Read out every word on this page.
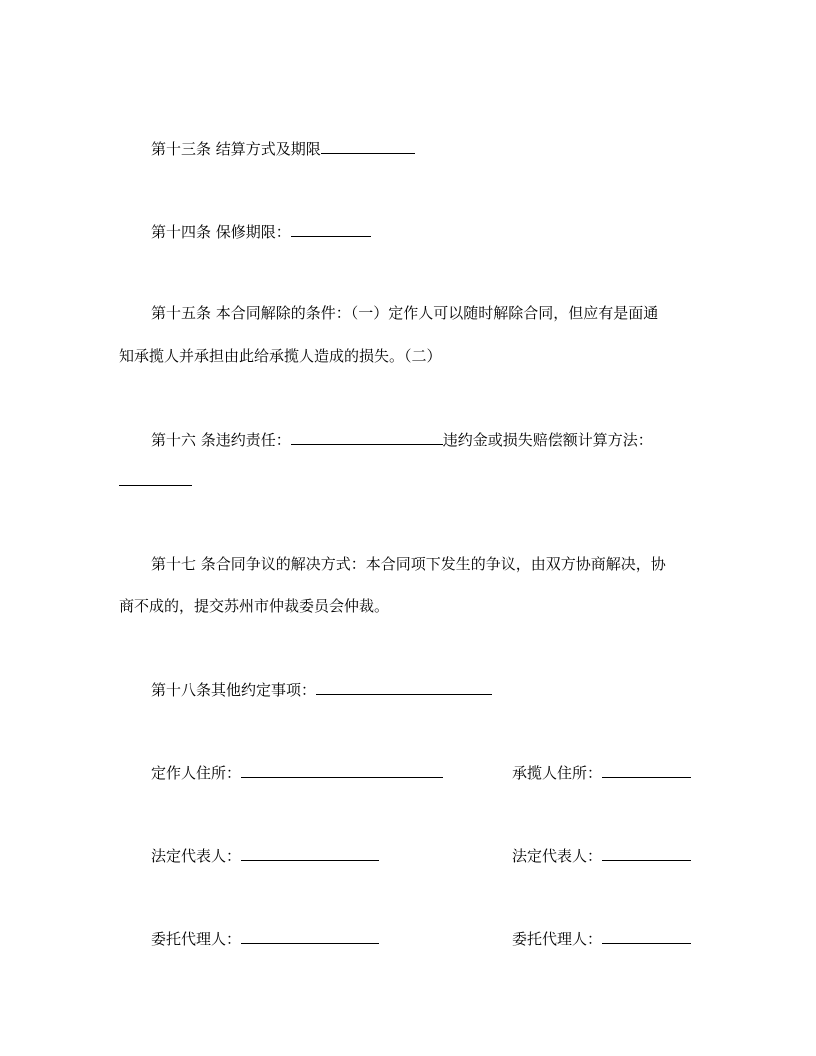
第十三条 结算方式及期限
第十四条 保修期限：
第十五条 本合同解除的条件：（一）定作人可以随时解除合同，但应有是面通
知承揽人并承担由此给承揽人造成的损失。（二）
第十六 条违约责任：	违约金或损失赔偿额计算方法：
第十七 条合同争议的解决方式：本合同项下发生的争议，由双方协商解决，协
商不成的，提交苏州市仲裁委员会仲裁。
第十八条其他约定事项：
定作人住所：	承揽人住所：
法定代表人：	法定代表人：
委托代理人：	委托代理人：
